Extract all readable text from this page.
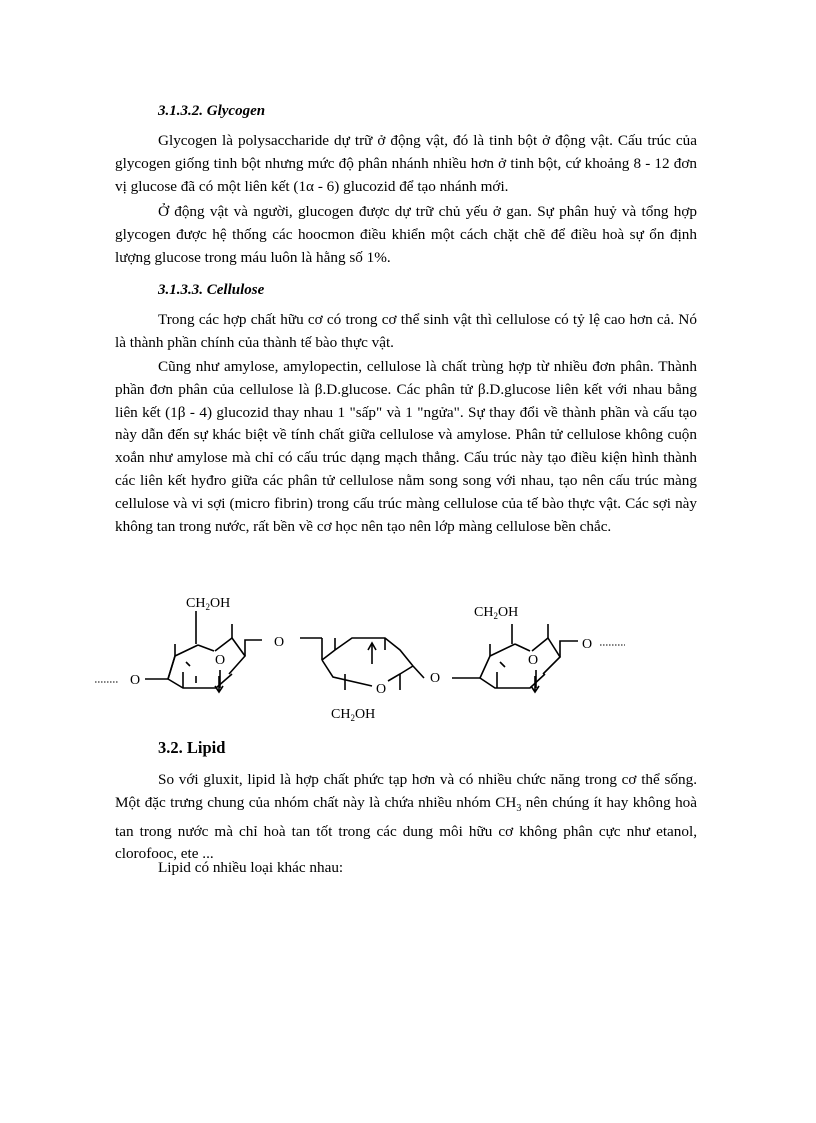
3.1.3.2. Glycogen

Glycogen là polysaccharide dự trữ ở động vật, đó là tinh bột ở động vật. Cấu trúc của glycogen giống tinh bột nhưng mức độ phân nhánh nhiều hơn ở tinh bột, cứ khoảng 8 - 12 đơn vị glucose đã có một liên kết (1α - 6) glucozid để tạo nhánh mới.

Ở động vật và người, glucogen được dự trữ chủ yếu ở gan. Sự phân huỷ và tổng hợp glycogen được hệ thống các hoocmon điều khiển một cách chặt chẽ để điều hoà sự ổn định lượng glucose trong máu luôn là hằng số 1%.

3.1.3.3. Cellulose

Trong các hợp chất hữu cơ có trong cơ thể sinh vật thì cellulose có tỷ lệ cao hơn cả. Nó là thành phần chính của thành tế bào thực vật.

Cũng như amylose, amylopectin, cellulose là chất trùng hợp từ nhiều đơn phân. Thành phần đơn phân của cellulose là β.D.glucose. Các phân tử β.D.glucose liên kết với nhau bằng liên kết (1β - 4) glucozid thay nhau 1 "sấp" và 1 "ngửa". Sự thay đổi về thành phần và cấu tạo này dẫn đến sự khác biệt về tính chất giữa cellulose và amylose. Phân tử cellulose không cuộn xoắn như amylose mà chỉ có cấu trúc dạng mạch thẳng. Cấu trúc này tạo điều kiện hình thành các liên kết hyđro giữa các phân tử cellulose nằm song song với nhau, tạo nên cấu trúc màng cellulose và vi sợi (micro fibrin) trong cấu trúc màng cellulose của tế bào thực vật. Các sợi này không tan trong nước, rất bền về cơ học nên tạo nên lớp màng cellulose bền chắc.

$CH_2OH$
$CH_2OH$
$CH_2OH$
O
O
O
O
O
O
O
3.2. Lipid

So với gluxit, lipid là hợp chất phức tạp hơn và có nhiều chức năng trong cơ thể sống. Một đặc trưng chung của nhóm chất này là chứa nhiều nhóm $CH_3$ nên chúng ít hay không hoà tan trong nước mà chỉ hoà tan tốt trong các dung môi hữu cơ không phân cực như etanol, clorofooc, ete ...

Lipid có nhiều loại khác nhau:
